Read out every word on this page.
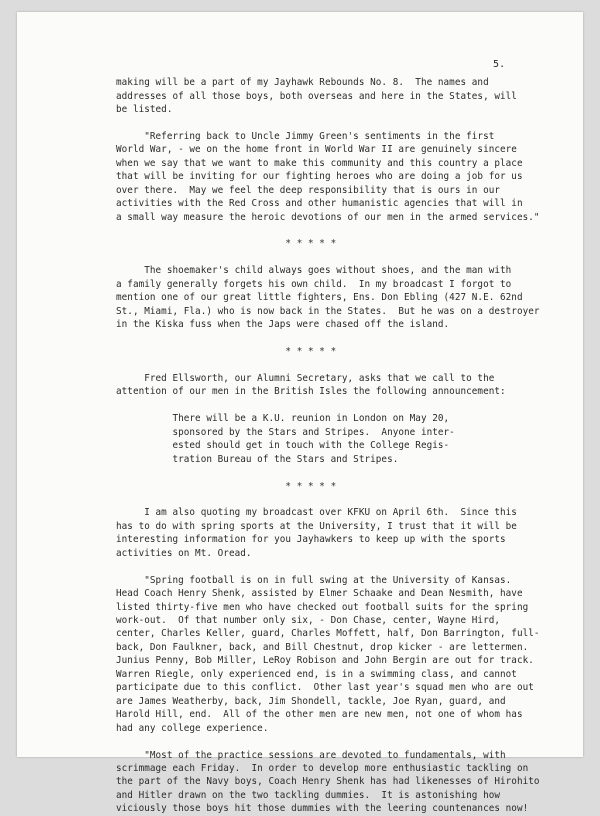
5.

making will be a part of my Jayhawk Rebounds No. 8.  The names and
addresses of all those boys, both overseas and here in the States, will
be listed.
"Referring back to Uncle Jimmy Green's sentiments in the first
World War, - we on the home front in World War II are genuinely sincere
when we say that we want to make this community and this country a place
that will be inviting for our fighting heroes who are doing a job for us
over there.  May we feel the deep responsibility that is ours in our
activities with the Red Cross and other humanistic agencies that will in
a small way measure the heroic devotions of our men in the armed services."
* * * * *
The shoemaker's child always goes without shoes, and the man with
a family generally forgets his own child.  In my broadcast I forgot to
mention one of our great little fighters, Ens. Don Ebling (427 N.E. 62nd
St., Miami, Fla.) who is now back in the States.  But he was on a destroyer
in the Kiska fuss when the Japs were chased off the island.
* * * * *
Fred Ellsworth, our Alumni Secretary, asks that we call to the
attention of our men in the British Isles the following announcement:
There will be a K.U. reunion in London on May 20,
sponsored by the Stars and Stripes.  Anyone inter-
ested should get in touch with the College Regis-
tration Bureau of the Stars and Stripes.
* * * * *
I am also quoting my broadcast over KFKU on April 6th.  Since this
has to do with spring sports at the University, I trust that it will be
interesting information for you Jayhawkers to keep up with the sports
activities on Mt. Oread.
"Spring football is on in full swing at the University of Kansas.
Head Coach Henry Shenk, assisted by Elmer Schaake and Dean Nesmith, have
listed thirty-five men who have checked out football suits for the spring
work-out.  Of that number only six, - Don Chase, center, Wayne Hird,
center, Charles Keller, guard, Charles Moffett, half, Don Barrington, full-
back, Don Faulkner, back, and Bill Chestnut, drop kicker - are lettermen.
Junius Penny, Bob Miller, LeRoy Robison and John Bergin are out for track.
Warren Riegle, only experienced end, is in a swimming class, and cannot
participate due to this conflict.  Other last year's squad men who are out
are James Weatherby, back, Jim Shondell, tackle, Joe Ryan, guard, and
Harold Hill, end.  All of the other men are new men, not one of whom has
had any college experience.
"Most of the practice sessions are devoted to fundamentals, with
scrimmage each Friday.  In order to develop more enthusiastic tackling on
the part of the Navy boys, Coach Henry Shenk has had likenesses of Hirohito
and Hitler drawn on the two tackling dummies.  It is astonishing how
viciously those boys hit those dummies with the leering countenances now!
